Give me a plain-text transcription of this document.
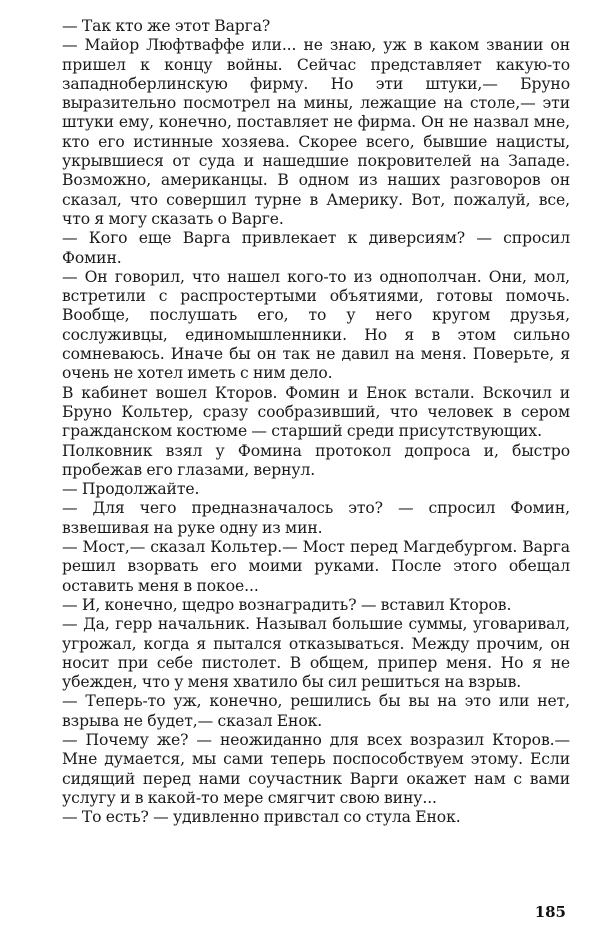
— Так кто же этот Варга?

— Майор Люфтваффе или... не знаю, уж в каком звании он пришел к концу войны. Сейчас представляет какую-то западноберлинскую фирму. Но эти штуки,— Бруно выразительно посмотрел на мины, лежащие на столе,— эти штуки ему, конечно, поставляет не фирма. Он не назвал мне, кто его истинные хозяева. Скорее всего, бывшие нацисты, укрывшиеся от суда и нашедшие покровителей на Западе. Возможно, американцы. В одном из наших разговоров он сказал, что совершил турне в Америку. Вот, пожалуй, все, что я могу сказать о Варге.

— Кого еще Варга привлекает к диверсиям? — спросил Фомин.

— Он говорил, что нашел кого-то из однополчан. Они, мол, встретили с распростертыми объятиями, готовы помочь. Вообще, послушать его, то у него кругом друзья, сослуживцы, единомышленники. Но я в этом сильно сомневаюсь. Иначе бы он так не давил на меня. Поверьте, я очень не хотел иметь с ним дело.

В кабинет вошел Кторов. Фомин и Енок встали. Вскочил и Бруно Кольтер, сразу сообразивший, что человек в сером гражданском костюме — старший среди присутствующих.

Полковник взял у Фомина протокол допроса и, быстро пробежав его глазами, вернул.

— Продолжайте.

— Для чего предназначалось это? — спросил Фомин, взвешивая на руке одну из мин.

— Мост,— сказал Кольтер.— Мост перед Магдебургом. Варга решил взорвать его моими руками. После этого обещал оставить меня в покое...

— И, конечно, щедро вознаградить? — вставил Кторов.

— Да, герр начальник. Называл большие суммы, уговаривал, угрожал, когда я пытался отказываться. Между прочим, он носит при себе пистолет. В общем, припер меня. Но я не убежден, что у меня хватило бы сил решиться на взрыв.

— Теперь-то уж, конечно, решились бы вы на это или нет, взрыва не будет,— сказал Енок.

— Почему же? — неожиданно для всех возразил Кторов.— Мне думается, мы сами теперь поспособствуем этому. Если сидящий перед нами соучастник Варги окажет нам с вами услугу и в какой-то мере смягчит свою вину...

— То есть? — удивленно привстал со стула Енок.

185
